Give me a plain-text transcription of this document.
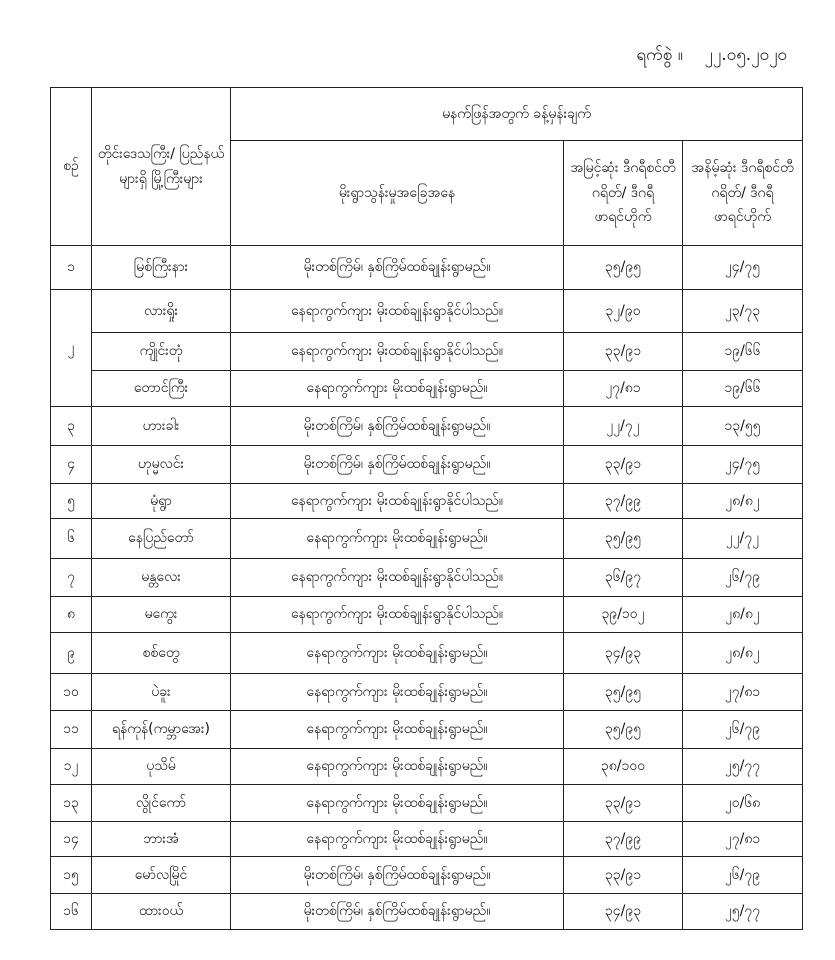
ရက်စွဲ ။ ၂၂.၀၅.၂၀၂၀
စဉ်	တိုင်းဒေသကြီး/ ပြည်နယ်များရှိ မြို့ကြီးများ	မနက်ဖြန်အတွက် ခန့်မှန်းချက်		
		မိုးရွာသွန်းမှုအခြေအနေ	အမြင့်ဆုံး ဒီဂရီစင်တီဂရိတ်/ ဒီဂရီဖာရင်ဟိုက်	အနိမ့်ဆုံး ဒီဂရီစင်တီဂရိတ်/ ဒီဂရီဖာရင်ဟိုက်
၁	မြစ်ကြီးနား	မိုးတစ်ကြိမ်၊ နှစ်ကြိမ်ထစ်ချုန်းရွာမည်။	၃၅/၉၅	၂၄/၇၅
၂	လားရှိုး	နေရာကွက်ကျား မိုးထစ်ချုန်းရွာနိုင်ပါသည်။	၃၂/၉၀	၂၃/၇၃
	ကျိုင်းတုံ	နေရာကွက်ကျား မိုးထစ်ချုန်းရွာနိုင်ပါသည်။	၃၃/၉၁	၁၉/၆၆
	တောင်ကြီး	နေရာကွက်ကျား မိုးထစ်ချုန်းရွာမည်။	၂၇/၈၁	၁၉/၆၆
၃	ဟားခါး	မိုးတစ်ကြိမ်၊ နှစ်ကြိမ်ထစ်ချုန်းရွာမည်။	၂၂/၇၂	၁၃/၅၅
၄	ဟုမ္မလင်း	မိုးတစ်ကြိမ်၊ နှစ်ကြိမ်ထစ်ချုန်းရွာမည်။	၃၃/၉၁	၂၄/၇၅
၅	မုံရွာ	နေရာကွက်ကျား မိုးထစ်ချုန်းရွာနိုင်ပါသည်။	၃၇/၉၉	၂၈/၈၂
၆	နေပြည်တော်	နေရာကွက်ကျား မိုးထစ်ချုန်းရွာမည်။	၃၅/၉၅	၂၂/၇၂
၇	မန္တလေး	နေရာကွက်ကျား မိုးထစ်ချုန်းရွာနိုင်ပါသည်။	၃၆/၉၇	၂၆/၇၉
၈	မကွေး	နေရာကွက်ကျား မိုးထစ်ချုန်းရွာနိုင်ပါသည်။	၃၉/၁၀၂	၂၈/၈၂
၉	စစ်တွေ	နေရာကွက်ကျား မိုးထစ်ချုန်းရွာမည်။	၃၄/၉၃	၂၈/၈၂
၁၀	ပဲခူး	နေရာကွက်ကျား မိုးထစ်ချုန်းရွာမည်။	၃၅/၉၅	၂၇/၈၁
၁၁	ရန်ကုန်(ကမ္ဘာအေး)	နေရာကွက်ကျား မိုးထစ်ချုန်းရွာမည်။	၃၅/၉၅	၂၆/၇၉
၁၂	ပုသိမ်	နေရာကွက်ကျား မိုးထစ်ချုန်းရွာမည်။	၃၈/၁၀၀	၂၅/၇၇
၁၃	လွိုင်ကော်	နေရာကွက်ကျား မိုးထစ်ချုန်းရွာမည်။	၃၃/၉၁	၂၀/၆၈
၁၄	ဘားအံ	နေရာကွက်ကျား မိုးထစ်ချုန်းရွာမည်။	၃၇/၉၉	၂၇/၈၁
၁၅	မော်လမြိုင်	မိုးတစ်ကြိမ်၊ နှစ်ကြိမ်ထစ်ချုန်းရွာမည်။	၃၃/၉၁	၂၆/၇၉
၁၆	ထားဝယ်	မိုးတစ်ကြိမ်၊ နှစ်ကြိမ်ထစ်ချုန်းရွာမည်။	၃၄/၉၃	၂၅/၇၇
